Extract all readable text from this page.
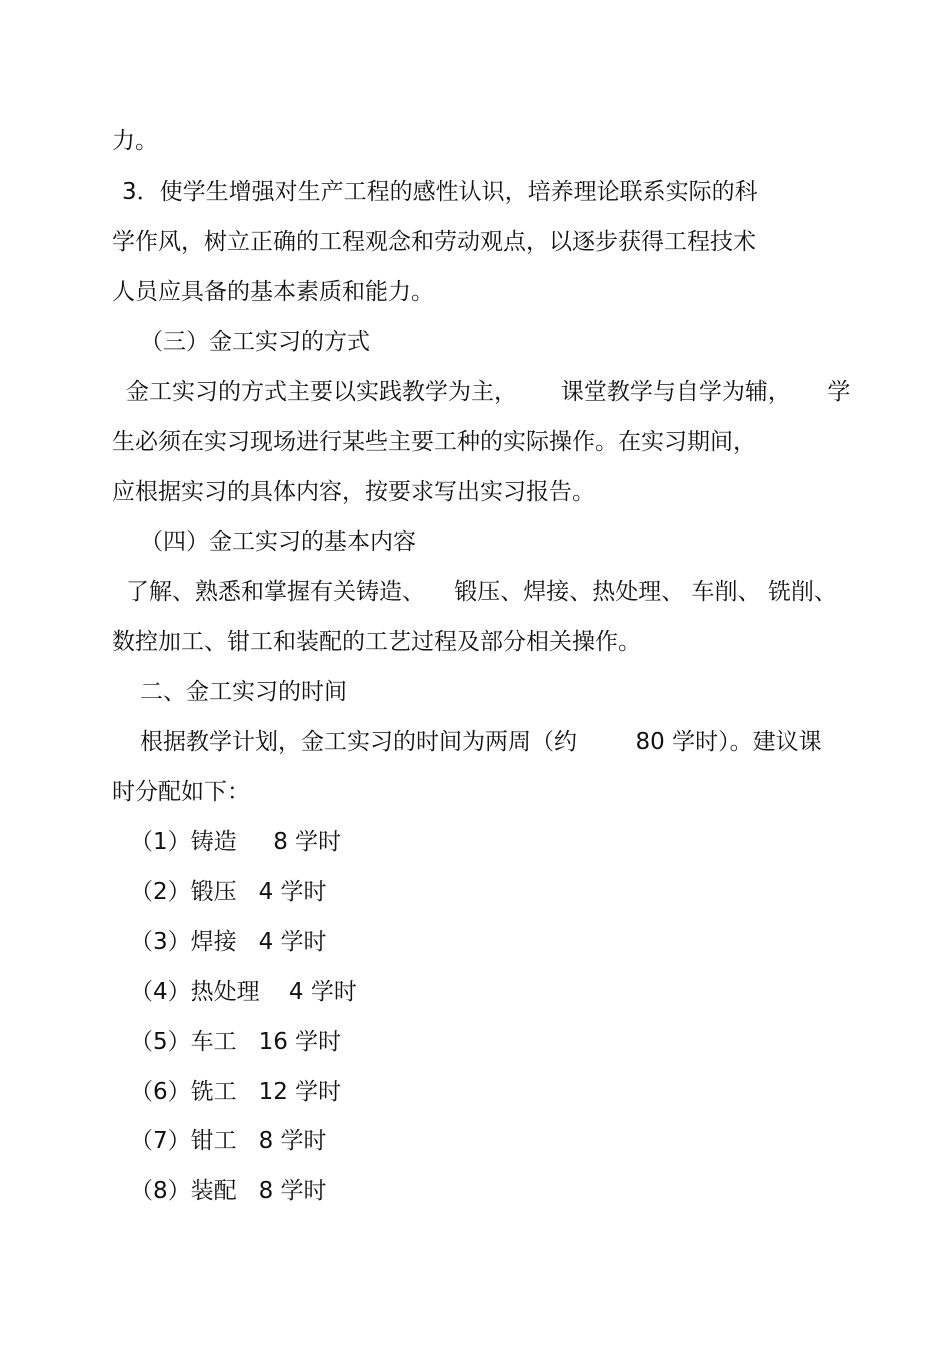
力。
3．使学生增强对生产工程的感性认识，培养理论联系实际的科
学作风，树立正确的工程观念和劳动观点，以逐步获得工程技术
人员应具备的基本素质和能力。
（三）金工实习的方式
金工实习的方式主要以实践教学为主，      课堂教学与自学为辅，     学
生必须在实习现场进行某些主要工种的实际操作。在实习期间，
应根据实习的具体内容，按要求写出实习报告。
（四）金工实习的基本内容
了解、熟悉和掌握有关铸造、    锻压、焊接、热处理、 车削、 铣削、
数控加工、钳工和装配的工艺过程及部分相关操作。
二、金工实习的时间
根据教学计划，金工实习的时间为两周（约        80 学时）。建议课
时分配如下：
（1）铸造     8 学时
（2）锻压   4 学时
（3）焊接   4 学时
（4）热处理    4 学时
（5）车工   16 学时
（6）铣工   12 学时
（7）钳工   8 学时
（8）装配   8 学时
